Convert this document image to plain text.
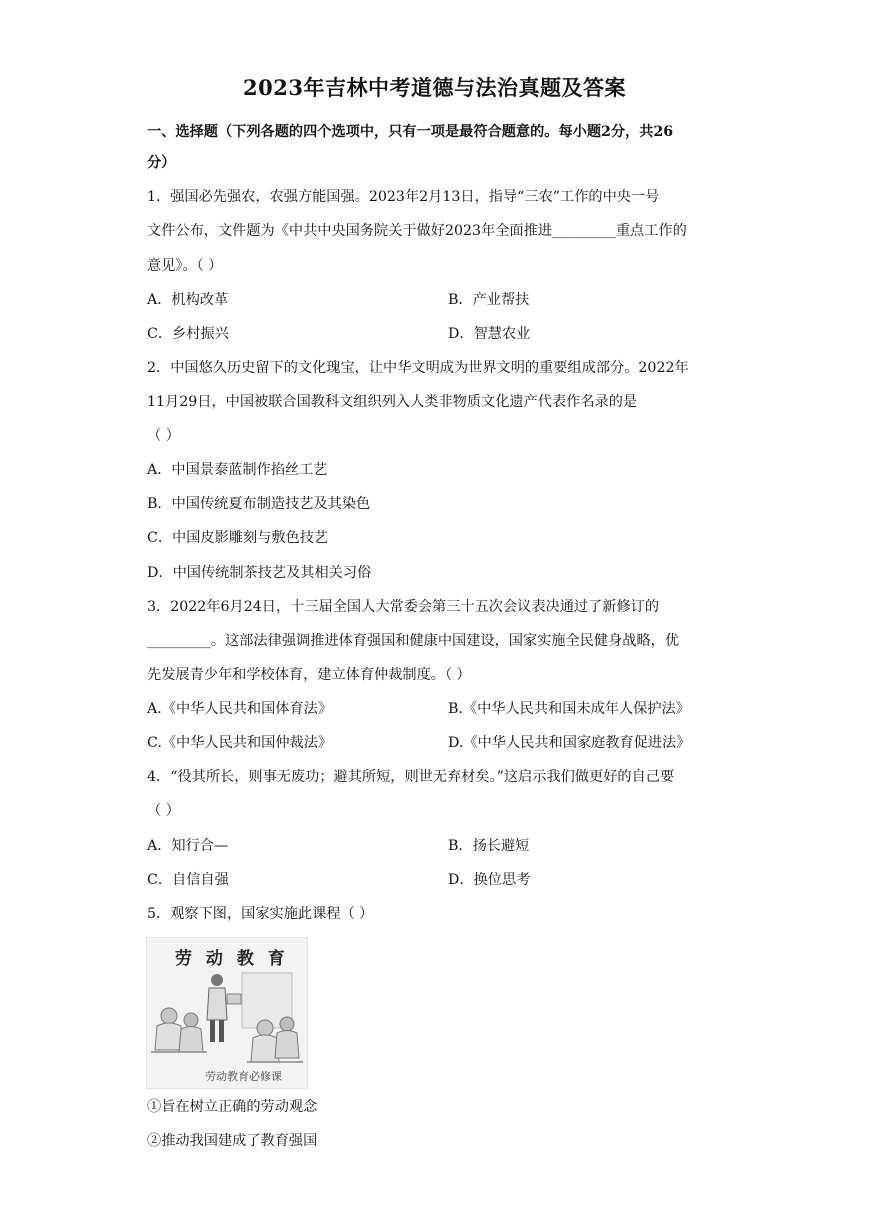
2023年吉林中考道德与法治真题及答案
一、选择题（下列各题的四个选项中，只有一项是最符合题意的。每小题2分，共26
分）
1．强国必先强农，农强方能国强。2023年2月13日，指导“三农”工作的中央一号
文件公布，文件题为《中共中央国务院关于做好2023年全面推进_________重点工作的
意见》。（ ）
A．机构改革	B．产业帮扶
C．乡村振兴	D．智慧农业
2．中国悠久历史留下的文化瑰宝，让中华文明成为世界文明的重要组成部分。2022年
11月29日，中国被联合国教科文组织列入人类非物质文化遗产代表作名录的是
（ ）
A．中国景泰蓝制作掐丝工艺
B．中国传统夏布制造技艺及其染色
C．中国皮影雕刻与敷色技艺
D．中国传统制茶技艺及其相关习俗
3．2022年6月24日，十三届全国人大常委会第三十五次会议表决通过了新修订的
_________。这部法律强调推进体育强国和健康中国建设，国家实施全民健身战略，优
先发展青少年和学校体育，建立体育仲裁制度。（ ）
A.《中华人民共和国体育法》	B.《中华人民共和国未成年人保护法》
C.《中华人民共和国仲裁法》	D.《中华人民共和国家庭教育促进法》
4．“役其所长，则事无废功；避其所短，则世无弃材矣。”这启示我们做更好的自己要
（ ）
A．知行合—	B．扬长避短
C．自信自强	D．换位思考
5．观察下图，国家实施此课程（ ）
劳 动 教 育
劳动教育必修课
①旨在树立正确的劳动观念
②推动我国建成了教育强国
